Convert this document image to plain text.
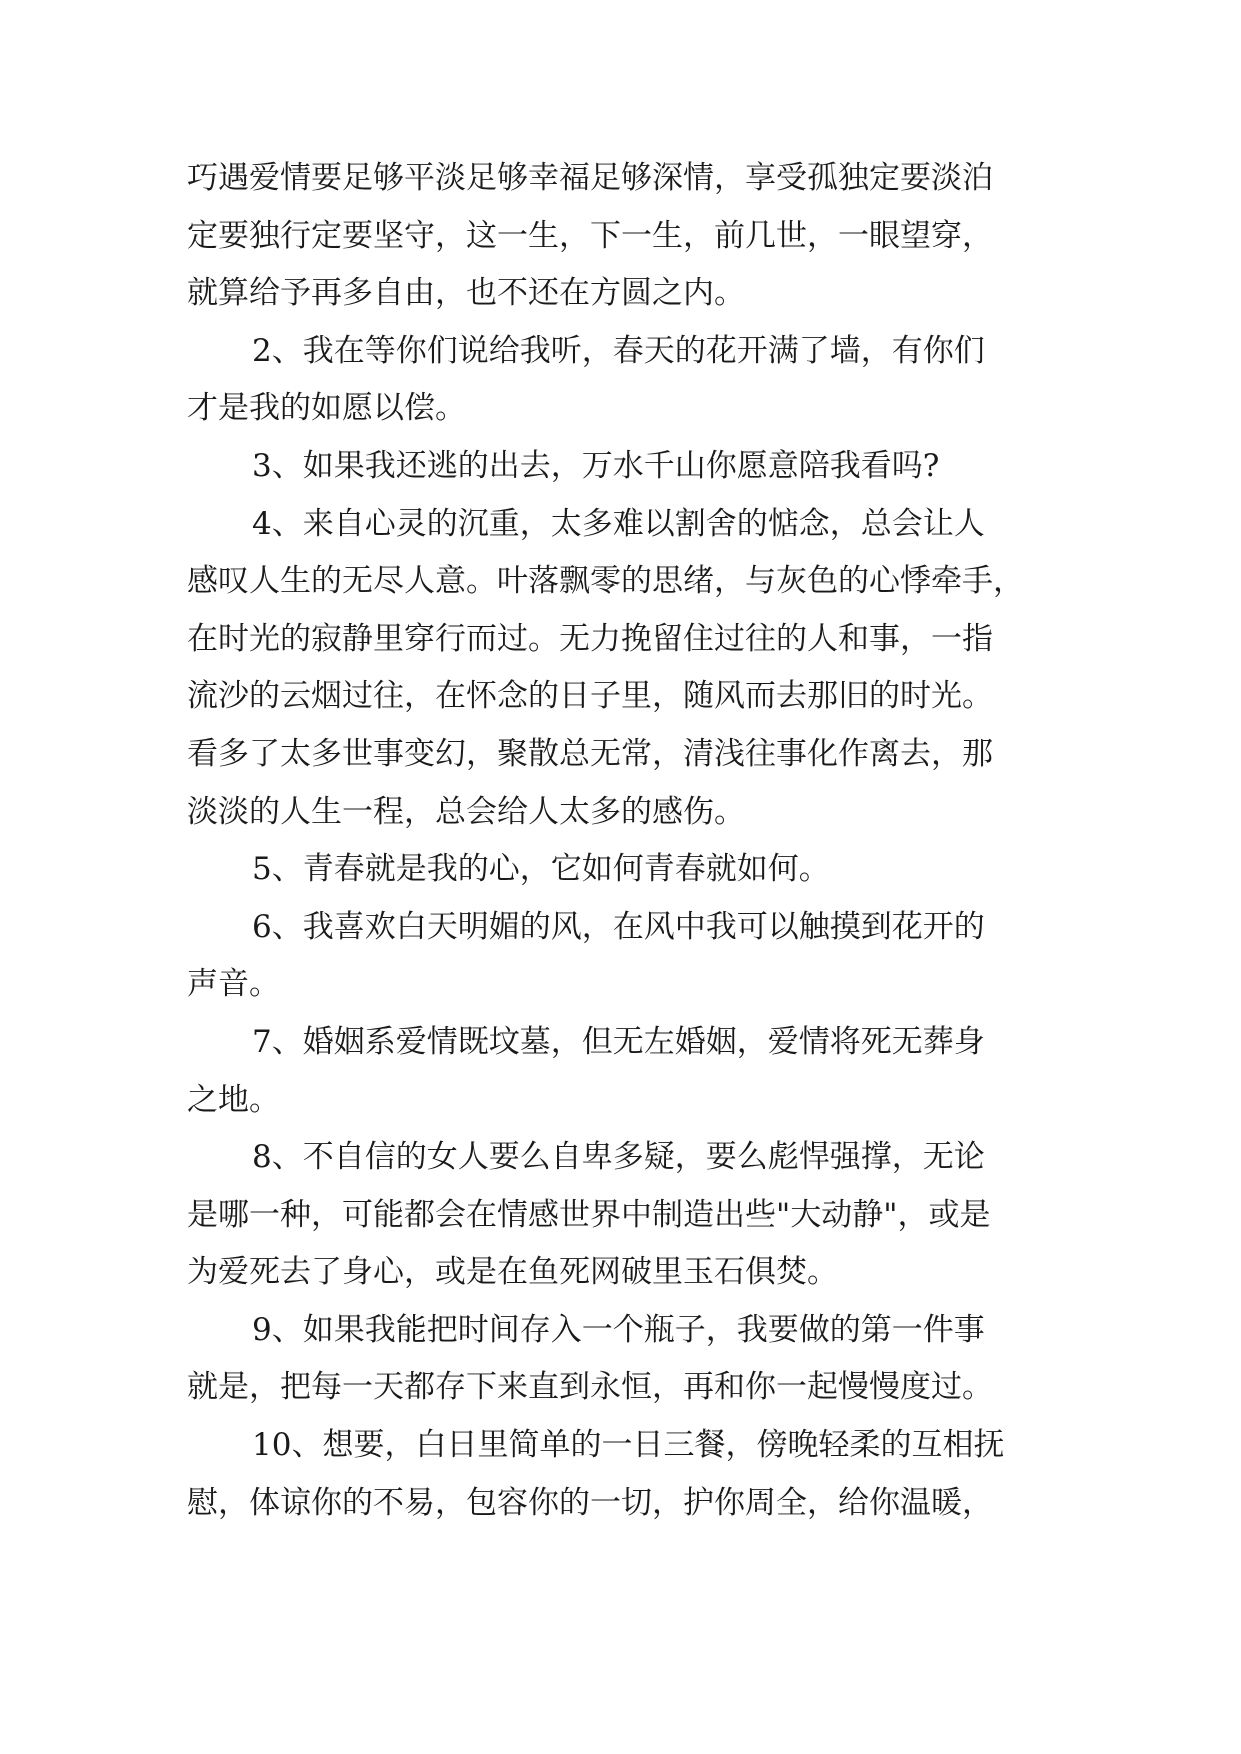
巧遇爱情要足够平淡足够幸福足够深情，享受孤独定要淡泊
定要独行定要坚守，这一生，下一生，前几世，一眼望穿，
就算给予再多自由，也不还在方圆之内。
2、我在等你们说给我听，春天的花开满了墙，有你们
才是我的如愿以偿。
3、如果我还逃的出去，万水千山你愿意陪我看吗?
4、来自心灵的沉重，太多难以割舍的惦念，总会让人
感叹人生的无尽人意。叶落飘零的思绪，与灰色的心悸牵手，
在时光的寂静里穿行而过。无力挽留住过往的人和事，一指
流沙的云烟过往，在怀念的日子里，随风而去那旧的时光。
看多了太多世事变幻，聚散总无常，清浅往事化作离去，那
淡淡的人生一程，总会给人太多的感伤。
5、青春就是我的心，它如何青春就如何。
6、我喜欢白天明媚的风，在风中我可以触摸到花开的
声音。
7、婚姻系爱情既坟墓，但无左婚姻，爱情将死无葬身
之地。
8、不自信的女人要么自卑多疑，要么彪悍强撑，无论
是哪一种，可能都会在情感世界中制造出些"大动静"，或是
为爱死去了身心，或是在鱼死网破里玉石俱焚。
9、如果我能把时间存入一个瓶子，我要做的第一件事
就是，把每一天都存下来直到永恒，再和你一起慢慢度过。
10、想要，白日里简单的一日三餐，傍晚轻柔的互相抚
慰，体谅你的不易，包容你的一切，护你周全，给你温暖，
